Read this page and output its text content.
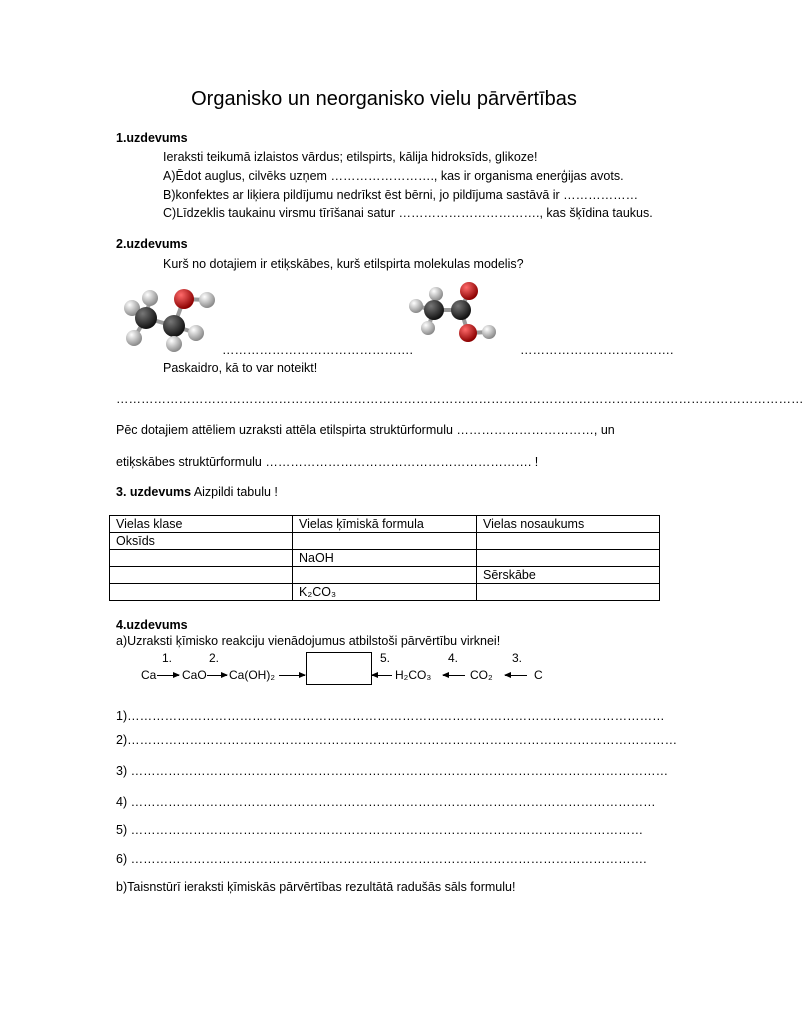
Organisko un neorganisko vielu pārvērtības
1.uzdevums
Ieraksti teikumā izlaistos vārdus; etilspirts, kālija hidroksīds, glikoze!
A)Ēdot auglus, cilvēks uzņem ……………………., kas ir organisma enerģijas avots.
B)konfektes ar liķiera pildījumu nedrīkst ēst bērni, jo pildījuma sastāvā ir ………………
C)Līdzeklis taukainu virsmu tīrīšanai satur ……………………………., kas šķīdina taukus.
2.uzdevums
Kurš no dotajiem ir etiķskābes, kurš etilspirta molekulas modelis?
……………………………………….	……………………………….
Paskaidro, kā to var noteikt!
…………………………………………………………………………………………………………………………………………………
Pēc dotajiem attēliem uzraksti attēla etilspirta struktūrformulu ……………………………, un
etiķskābes struktūrformulu ………………………………………………………. !
3. uzdevums Aizpildi tabulu !
Vielas klase	Vielas ķīmiskā formula	Vielas nosaukums
Oksīds		
	NaOH	
		Sērskābe
	K₂CO₃	
4.uzdevums
a)Uzraksti ķīmisko reakciju vienādojumus atbilstoši pārvērtību virknei!
1.	2.	5.	4.	3.
Ca CaO Ca(OH)₂	H₂CO₃	CO₂	C
1)…………………………………………………………………………………………………………………
2)……………………………………………………………………………………………………………………
3) …………………………………………………………………………………………………………………
4) ………………………………………………………………………………………………………………
5) ……………………………………………………………………………………………………………
6) …………………………………………………………………………………………………………….
b)Taisnstūrī ieraksti ķīmiskās pārvērtības rezultātā radušās sāls formulu!
